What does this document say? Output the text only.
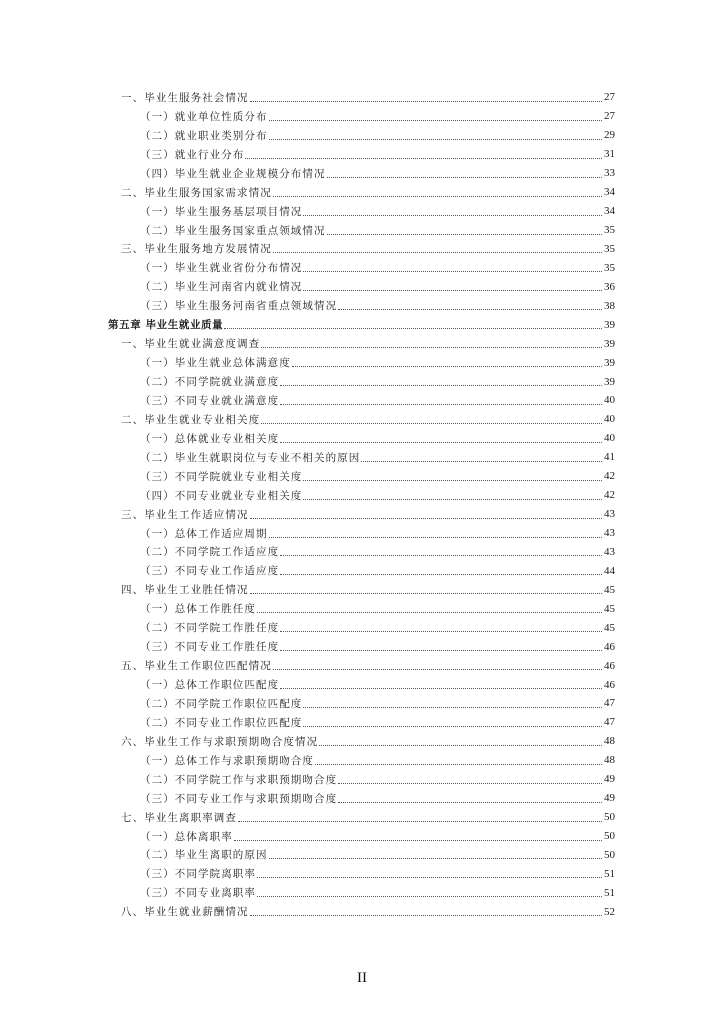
一、毕业生服务社会情况	27
（一）就业单位性质分布	27
（二）就业职业类别分布	29
（三）就业行业分布	31
（四）毕业生就业企业规模分布情况	33
二、毕业生服务国家需求情况	34
（一）毕业生服务基层项目情况	34
（二）毕业生服务国家重点领域情况	35
三、毕业生服务地方发展情况	35
（一）毕业生就业省份分布情况	35
（二）毕业生河南省内就业情况	36
（三）毕业生服务河南省重点领域情况	38
第五章 毕业生就业质量	39
一、毕业生就业满意度调查	39
（一）毕业生就业总体满意度	39
（二）不同学院就业满意度	39
（三）不同专业就业满意度	40
二、毕业生就业专业相关度	40
（一）总体就业专业相关度	40
（二）毕业生就职岗位与专业不相关的原因	41
（三）不同学院就业专业相关度	42
（四）不同专业就业专业相关度	42
三、毕业生工作适应情况	43
（一）总体工作适应周期	43
（二）不同学院工作适应度	43
（三）不同专业工作适应度	44
四、毕业生工业胜任情况	45
（一）总体工作胜任度	45
（二）不同学院工作胜任度	45
（三）不同专业工作胜任度	46
五、毕业生工作职位匹配情况	46
（一）总体工作职位匹配度	46
（二）不同学院工作职位匹配度	47
（二）不同专业工作职位匹配度	47
六、毕业生工作与求职预期吻合度情况	48
（一）总体工作与求职预期吻合度	48
（二）不同学院工作与求职预期吻合度	49
（三）不同专业工作与求职预期吻合度	49
七、毕业生离职率调查	50
（一）总体离职率	50
（二）毕业生离职的原因	50
（三）不同学院离职率	51
（三）不同专业离职率	51
八、毕业生就业薪酬情况	52
II
